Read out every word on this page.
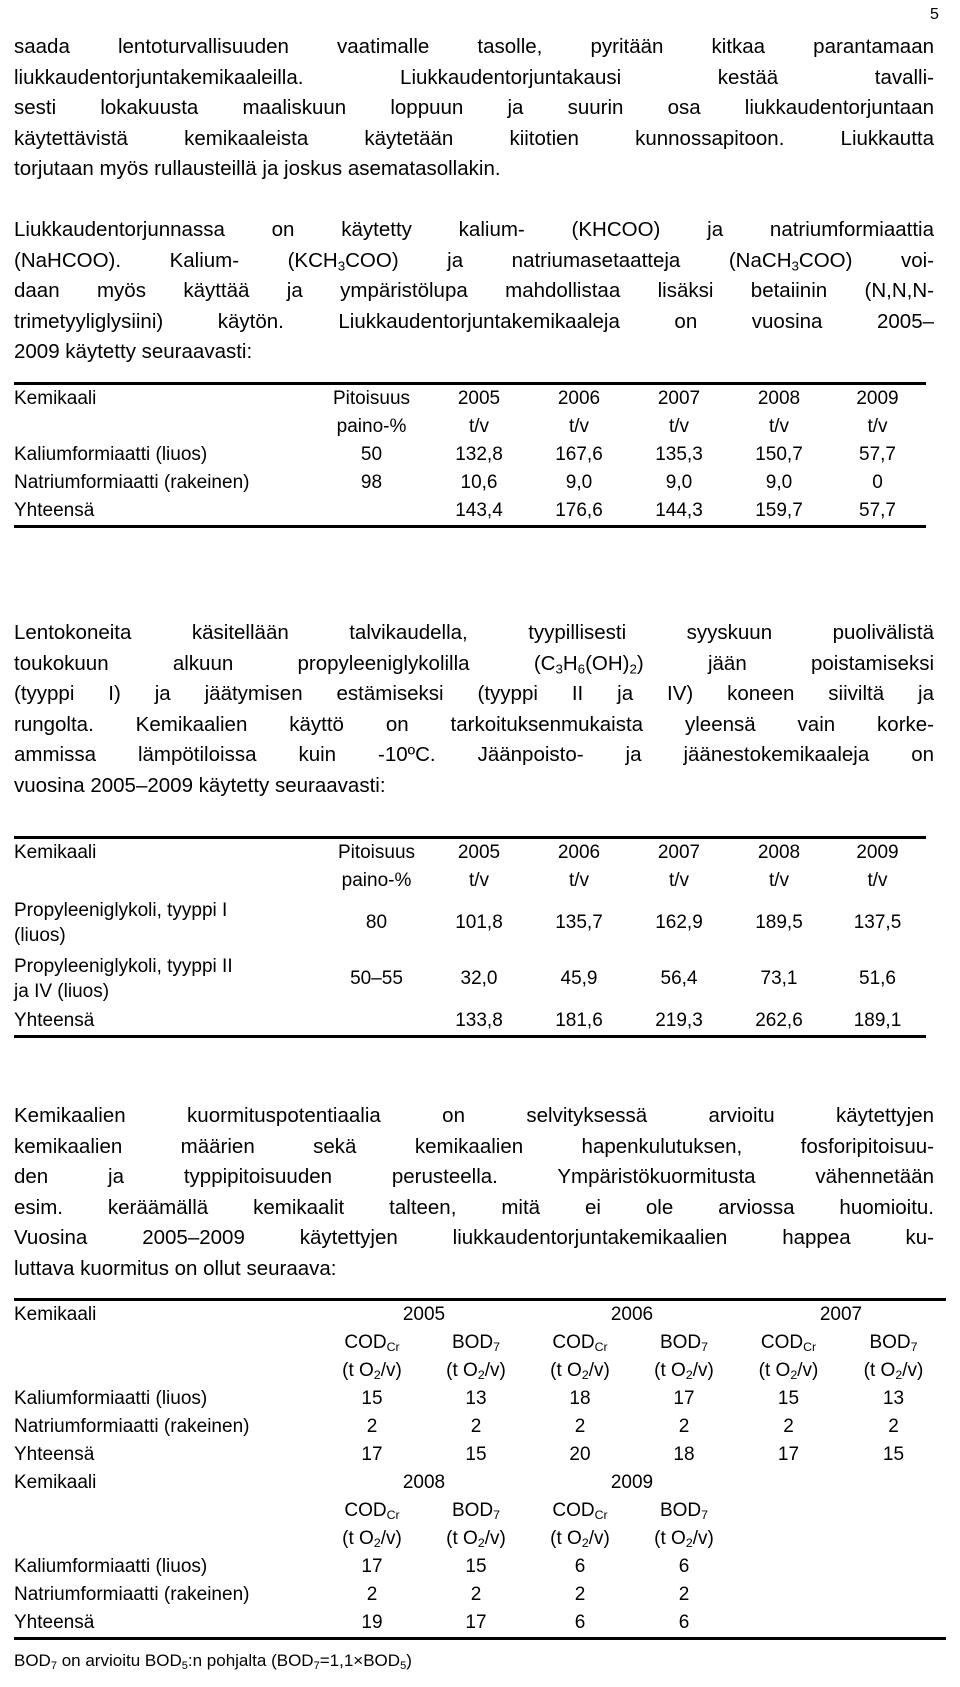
5
saada lentoturvallisuuden vaatimalle tasolle, pyritään kitkaa parantamaan
liukkaudentorjuntakemikaaleilla. Liukkaudentorjuntakausi kestää tavalli-
sesti lokakuusta maaliskuun loppuun ja suurin osa liukkaudentorjuntaan
käytettävistä kemikaaleista käytetään kiitotien kunnossapitoon. Liukkautta
torjutaan myös rullausteillä ja joskus asematasollakin.
Liukkaudentorjunnassa on käytetty kalium- (KHCOO) ja natriumformiaattia
(NaHCOO). Kalium- $(KCH_3COO)$ ja natriumasetaatteja (NaCH$_3$COO) voi-
daan myös käyttää ja ympäristölupa mahdollistaa lisäksi betaiinin (N,N,N-
trimetyyliglysiini) käytön. Liukkaudentorjuntakemikaaleja on vuosina 2005–
2009 käytetty seuraavasti:
Kemikaali	Pitoisuus	2005	2006	2007	2008	2009
	paino-%	t/v	t/v	t/v	t/v	t/v
Kaliumformiaatti (liuos)	50	132,8	167,6	135,3	150,7	57,7
Natriumformiaatti (rakeinen)	98	10,6	9,0	9,0	9,0	0
Yhteensä		143,4	176,6	144,3	159,7	57,7
Lentokoneita käsitellään talvikaudella, tyypillisesti syyskuun puolivälistä
toukokuun alkuun propyleeniglykolilla $(C_3H_6(OH)_2)$ jään poistamiseksi
(tyyppi I) ja jäätymisen estämiseksi (tyyppi II ja IV) koneen siiviltä ja
rungolta. Kemikaalien käyttö on tarkoituksenmukaista yleensä vain korke-
ammissa lämpötiloissa kuin -10ºC. Jäänpoisto- ja jäänestokemikaaleja on
vuosina 2005–2009 käytetty seuraavasti:
Kemikaali	Pitoisuus	2005	2006	2007	2008	2009
	paino-%	t/v	t/v	t/v	t/v	t/v
Propyleeniglykoli, tyyppi I
(liuos)	80	101,8	135,7	162,9	189,5	137,5
Propyleeniglykoli, tyyppi II
ja IV (liuos)	50–55	32,0	45,9	56,4	73,1	51,6
Yhteensä		133,8	181,6	219,3	262,6	189,1
Kemikaalien kuormituspotentiaalia on selvityksessä arvioitu käytettyjen
kemikaalien määrien sekä kemikaalien hapenkulutuksen, fosforipitoisuu-
den ja typpipitoisuuden perusteella. Ympäristökuormitusta vähennetään
esim. keräämällä kemikaalit talteen, mitä ei ole arviossa huomioitu.
Vuosina 2005–2009 käytettyjen liukkaudentorjuntakemikaalien happea ku-
luttava kuormitus on ollut seuraava:
Kemikaali	2005		2006		2007	
	$COD_{Cr}$	$BOD_7$	$COD_{Cr}$	$BOD_7$	$COD_{Cr}$	$BOD_7$
	(t $O_2/v$)	(t $O_2/v$)	(t $O_2/v$)	(t $O_2/v$)	(t $O_2/v$)	(t $O_2/v$)
Kaliumformiaatti (liuos)	15	13	18	17	15	13
Natriumformiaatti (rakeinen)	2	2	2	2	2	2
Yhteensä	17	15	20	18	17	15
Kemikaali	2008		2009			
	$COD_{Cr}$	$BOD_7$	$COD_{Cr}$	$BOD_7$		
	(t $O_2/v$)	(t $O_2/v$)	(t $O_2/v$)	(t $O_2/v$)		
Kaliumformiaatti (liuos)	17	15	6	6		
Natriumformiaatti (rakeinen)	2	2	2	2		
Yhteensä	19	17	6	6		
$BOD_7$ on arvioitu $BOD_5:n$ pohjalta $(BOD_7=1,1\times BOD_5)$
